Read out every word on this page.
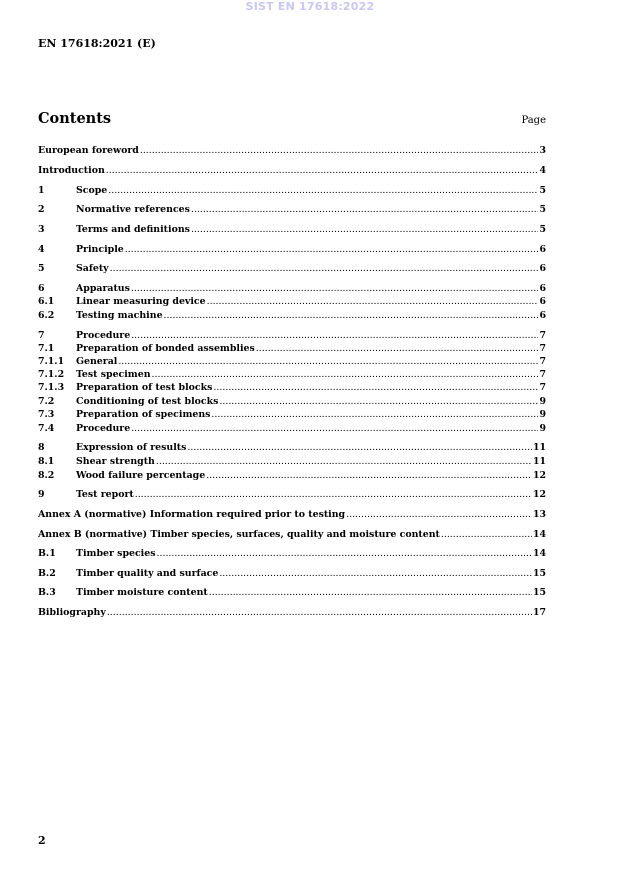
SIST EN 17618:2022
EN 17618:2021 (E)
Contents	Page
European foreword .....	3
Introduction .....	4
1	Scope .....	5
2	Normative references .....	5
3	Terms and definitions .....	5
4	Principle .....	6
5	Safety .....	6
6	Apparatus .....	6
6.1	Linear measuring device .....	6
6.2	Testing machine .....	6
7	Procedure .....	7
7.1	Preparation of bonded assemblies .....	7
7.1.1	General .....	7
7.1.2	Test specimen .....	7
7.1.3	Preparation of test blocks .....	7
7.2	Conditioning of test blocks .....	9
7.3	Preparation of specimens .....	9
7.4	Procedure .....	9
8	Expression of results .....	11
8.1	Shear strength .....	11
8.2	Wood failure percentage .....	12
9	Test report .....	12
Annex A (normative) Information required prior to testing .....	13
Annex B (normative) Timber species, surfaces, quality and moisture content .....	14
B.1	Timber species .....	14
B.2	Timber quality and surface .....	15
B.3	Timber moisture content .....	15
Bibliography .....	17
2
